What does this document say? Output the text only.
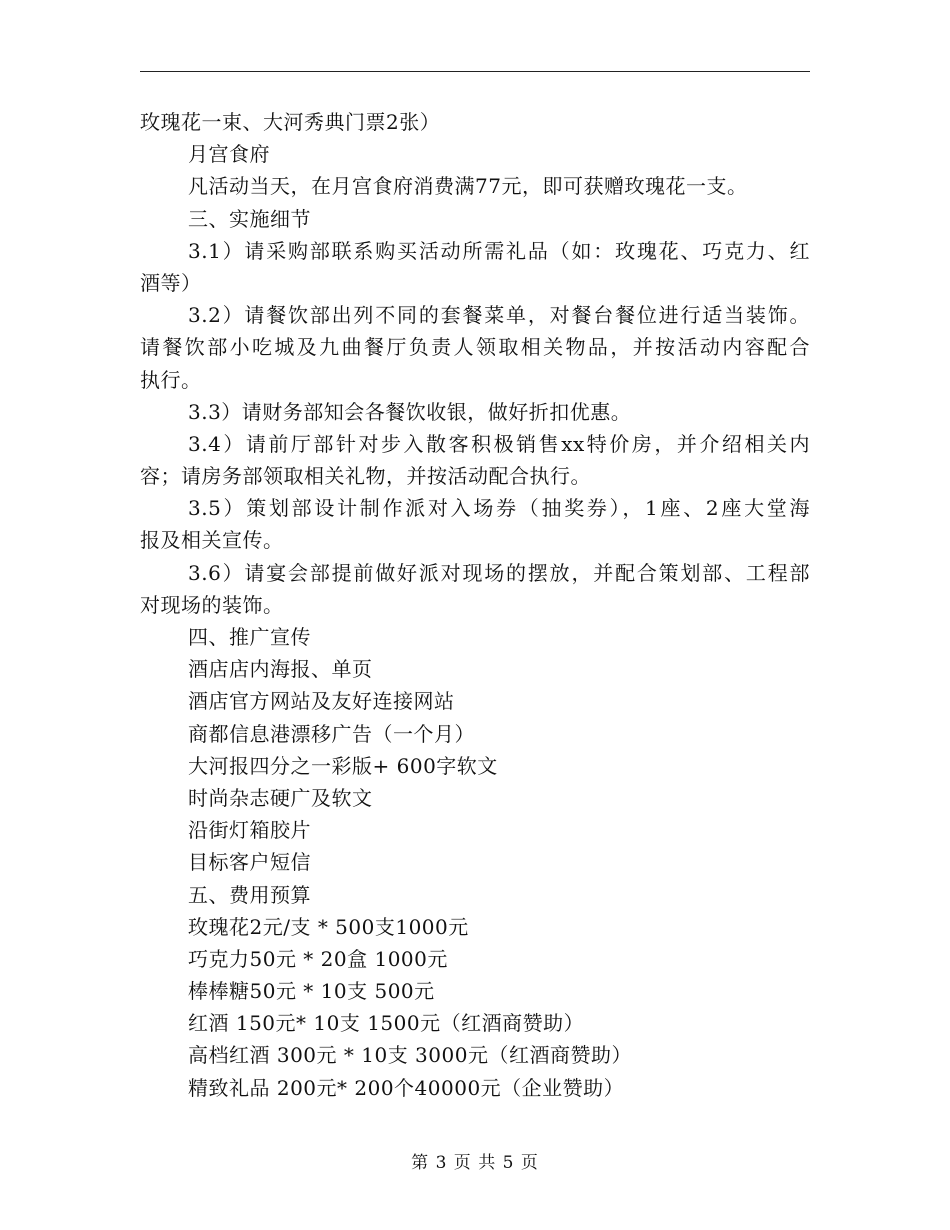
玫瑰花一束、大河秀典门票2张）
月宫食府
凡活动当天，在月宫食府消费满77元，即可获赠玫瑰花一支。
三、实施细节
3.1）请采购部联系购买活动所需礼品（如：玫瑰花、巧克力、红
酒等）
3.2）请餐饮部出列不同的套餐菜单，对餐台餐位进行适当装饰。
请餐饮部小吃城及九曲餐厅负责人领取相关物品，并按活动内容配合
执行。
3.3）请财务部知会各餐饮收银，做好折扣优惠。
3.4）请前厅部针对步入散客积极销售xx特价房，并介绍相关内
容；请房务部领取相关礼物，并按活动配合执行。
3.5）策划部设计制作派对入场券（抽奖券），1座、2座大堂海
报及相关宣传。
3.6）请宴会部提前做好派对现场的摆放，并配合策划部、工程部
对现场的装饰。
四、推广宣传
酒店店内海报、单页
酒店官方网站及友好连接网站
商都信息港漂移广告（一个月）
大河报四分之一彩版+ 600字软文
时尚杂志硬广及软文
沿街灯箱胶片
目标客户短信
五、费用预算
玫瑰花2元/支 * 500支1000元
巧克力50元 * 20盒 1000元
棒棒糖50元 * 10支 500元
红酒 150元* 10支 1500元（红酒商赞助）
高档红酒 300元 * 10支 3000元（红酒商赞助）
精致礼品 200元* 200个40000元（企业赞助）
第 3 页 共 5 页
